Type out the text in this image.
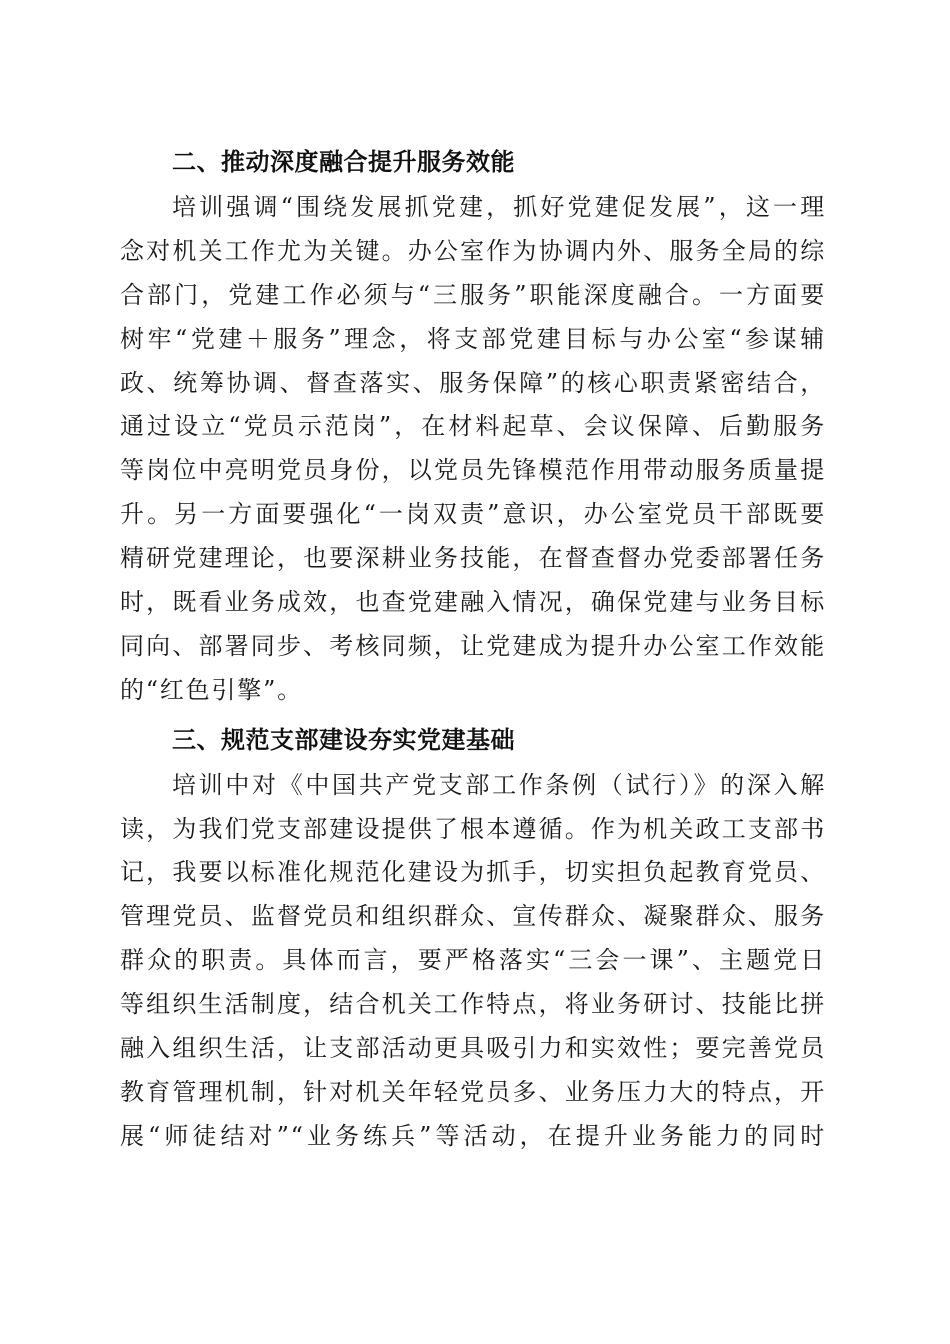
二、推动深度融合提升服务效能

培训强调“围绕发展抓党建，抓好党建促发展”，这一理
念对机关工作尤为关键。办公室作为协调内外、服务全局的综
合部门，党建工作必须与“三服务”职能深度融合。一方面要
树牢“党建＋服务”理念，将支部党建目标与办公室“参谋辅
政、统筹协调、督查落实、服务保障”的核心职责紧密结合，
通过设立“党员示范岗”，在材料起草、会议保障、后勤服务
等岗位中亮明党员身份，以党员先锋模范作用带动服务质量提
升。另一方面要强化“一岗双责”意识，办公室党员干部既要
精研党建理论，也要深耕业务技能，在督查督办党委部署任务
时，既看业务成效，也查党建融入情况，确保党建与业务目标
同向、部署同步、考核同频，让党建成为提升办公室工作效能
的“红色引擎”。

三、规范支部建设夯实党建基础

培训中对《中国共产党支部工作条例（试行）》的深入解
读，为我们党支部建设提供了根本遵循。作为机关政工支部书
记，我要以标准化规范化建设为抓手，切实担负起教育党员、
管理党员、监督党员和组织群众、宣传群众、凝聚群众、服务
群众的职责。具体而言，要严格落实“三会一课”、主题党日
等组织生活制度，结合机关工作特点，将业务研讨、技能比拼
融入组织生活，让支部活动更具吸引力和实效性；要完善党员
教育管理机制，针对机关年轻党员多、业务压力大的特点，开
展“师徒结对”“业务练兵”等活动，在提升业务能力的同时
